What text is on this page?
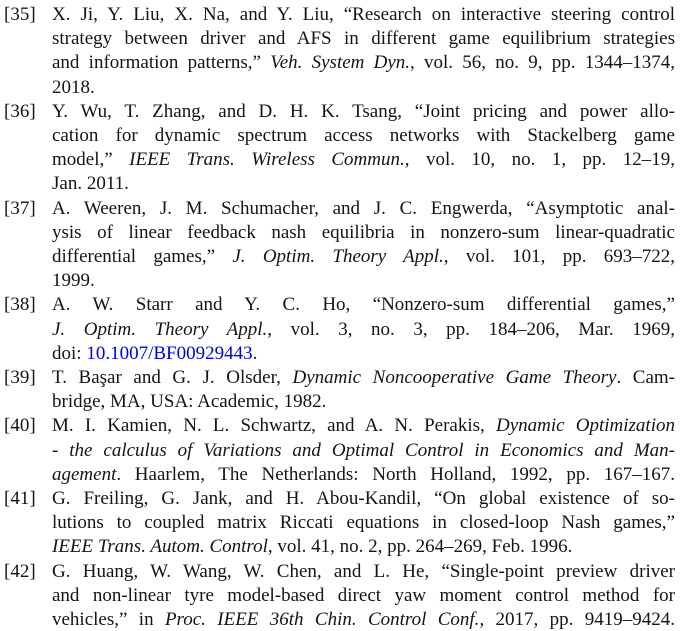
[35] X. Ji, Y. Liu, X. Na, and Y. Liu, “Research on interactive steering control
strategy between driver and AFS in different game equilibrium strategies
and information patterns,” Veh. System Dyn., vol. 56, no. 9, pp. 1344–1374,
2018.
[36] Y. Wu, T. Zhang, and D. H. K. Tsang, “Joint pricing and power allo-
cation for dynamic spectrum access networks with Stackelberg game
model,” IEEE Trans. Wireless Commun., vol. 10, no. 1, pp. 12–19,
Jan. 2011.
[37] A. Weeren, J. M. Schumacher, and J. C. Engwerda, “Asymptotic anal-
ysis of linear feedback nash equilibria in nonzero-sum linear-quadratic
differential games,” J. Optim. Theory Appl., vol. 101, pp. 693–722,
1999.
[38] A. W. Starr and Y. C. Ho, “Nonzero-sum differential games,”
J. Optim. Theory Appl., vol. 3, no. 3, pp. 184–206, Mar. 1969,
doi: 10.1007/BF00929443.
[39] T. Başar and G. J. Olsder, Dynamic Noncooperative Game Theory. Cam-
bridge, MA, USA: Academic, 1982.
[40] M. I. Kamien, N. L. Schwartz, and A. N. Perakis, Dynamic Optimization
- the calculus of Variations and Optimal Control in Economics and Man-
agement. Haarlem, The Netherlands: North Holland, 1992, pp. 167–167.
[41] G. Freiling, G. Jank, and H. Abou-Kandil, “On global existence of so-
lutions to coupled matrix Riccati equations in closed-loop Nash games,”
IEEE Trans. Autom. Control, vol. 41, no. 2, pp. 264–269, Feb. 1996.
[42] G. Huang, W. Wang, W. Chen, and L. He, “Single-point preview driver
and non-linear tyre model-based direct yaw moment control method for
vehicles,” in Proc. IEEE 36th Chin. Control Conf., 2017, pp. 9419–9424.
